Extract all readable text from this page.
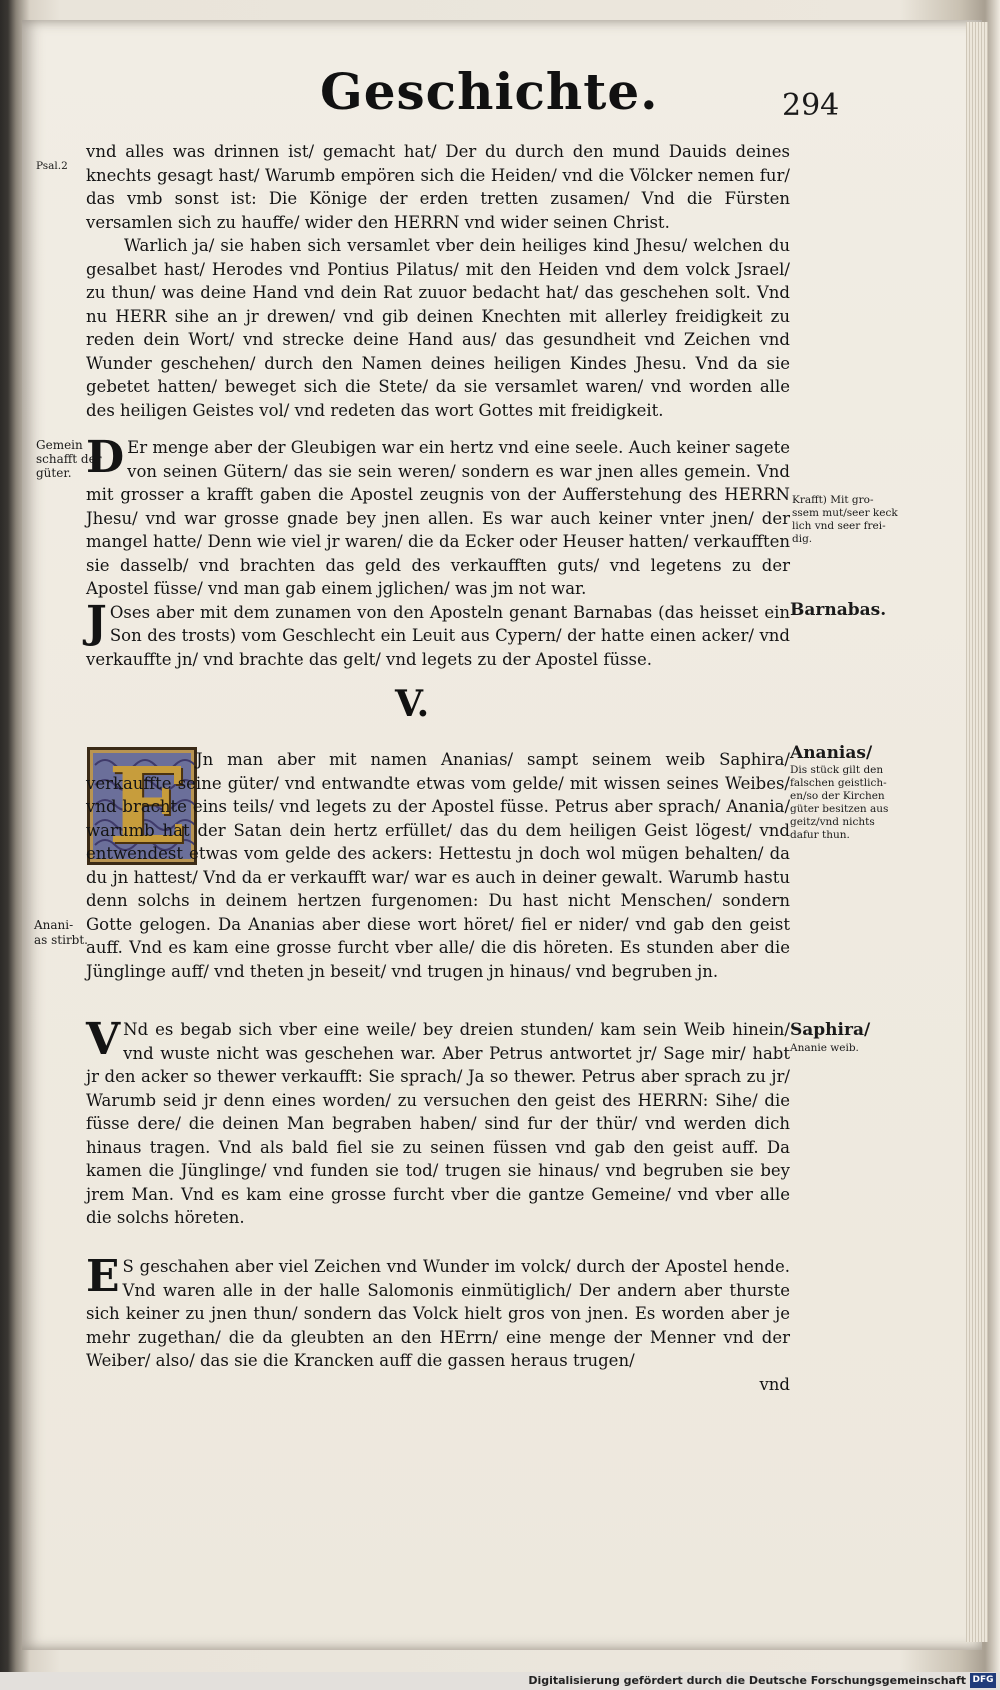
Geschichte.	294
Psal.2
Gemein
schafft der
güter.
Krafft) Mit gro-
ssem mut/seer keck
lich vnd seer frei-
dig.
Barnabas.
Ananias/
Dis stück gilt den
falschen geistlich-
en/so der Kirchen
güter besitzen aus
geitz/vnd nichts
dafur thun.
Anani-
as stirbt.
Saphira/
Ananie weib.

vnd alles was drinnen ist/ gemacht hat/ Der du durch den mund Dauids deines knechts gesagt hast/ Warumb empören sich die Heiden/ vnd die Völcker nemen fur/ das vmb sonst ist: Die Könige der erden tretten zusamen/ Vnd die Fürsten versamlen sich zu hauffe/ wider den HERRN vnd wider seinen Christ.

Warlich ja/ sie haben sich versamlet vber dein heiliges kind Jhesu/ welchen du gesalbet hast/ Herodes vnd Pontius Pilatus/ mit den Heiden vnd dem volck Jsrael/ zu thun/ was deine Hand vnd dein Rat zuuor bedacht hat/ das geschehen solt. Vnd nu HERR sihe an jr drewen/ vnd gib deinen Knechten mit allerley freidigkeit zu reden dein Wort/ vnd strecke deine Hand aus/ das gesundheit vnd Zeichen vnd Wunder geschehen/ durch den Namen deines heiligen Kindes Jhesu. Vnd da sie gebetet hatten/ beweget sich die Stete/ da sie versamlet waren/ vnd worden alle des heiligen Geistes vol/ vnd redeten das wort Gottes mit freidigkeit.

D Er menge aber der Gleubigen war ein hertz vnd eine seele. Auch keiner sagete von seinen Gütern/ das sie sein weren/ sondern es war jnen alles gemein. Vnd mit grosser a krafft gaben die Apostel zeugnis von der Aufferstehung des HERRN Jhesu/ vnd war grosse gnade bey jnen allen. Es war auch keiner vnter jnen/ der mangel hatte/ Denn wie viel jr waren/ die da Ecker oder Heuser hatten/ verkaufften sie dasselb/ vnd brachten das geld des verkaufften guts/ vnd legetens zu der Apostel füsse/ vnd man gab einem jglichen/ was jm not war.

J Oses aber mit dem zunamen von den Aposteln genant Barnabas (das heisset ein Son des trosts) vom Geschlecht ein Leuit aus Cypern/ der hatte einen acker/ vnd verkauffte jn/ vnd brachte das gelt/ vnd legets zu der Apostel füsse.

V.
E Jn man aber mit namen Ananias/ sampt seinem weib Saphira/ verkauffte seine güter/ vnd entwandte etwas vom gelde/ mit wissen seines Weibes/ vnd brachte eins teils/ vnd legets zu der Apostel füsse. Petrus aber sprach/ Anania/ warumb hat der Satan dein hertz erfüllet/ das du dem heiligen Geist lögest/ vnd entwendest etwas vom gelde des ackers: Hettestu jn doch wol mügen behalten/ da du jn hattest/ Vnd da er verkaufft war/ war es auch in deiner gewalt. Warumb hastu denn solchs in deinem hertzen furgenomen: Du hast nicht Menschen/ sondern Gotte gelogen. Da Ananias aber diese wort höret/ fiel er nider/ vnd gab den geist auff. Vnd es kam eine grosse furcht vber alle/ die dis höreten. Es stunden aber die Jünglinge auff/ vnd theten jn beseit/ vnd trugen jn hinaus/ vnd begruben jn.

V Nd es begab sich vber eine weile/ bey dreien stunden/ kam sein Weib hinein/ vnd wuste nicht was geschehen war. Aber Petrus antwortet jr/ Sage mir/ habt jr den acker so thewer verkaufft: Sie sprach/ Ja so thewer. Petrus aber sprach zu jr/ Warumb seid jr denn eines worden/ zu versuchen den geist des HERRN: Sihe/ die füsse dere/ die deinen Man begraben haben/ sind fur der thür/ vnd werden dich hinaus tragen. Vnd als bald fiel sie zu seinen füssen vnd gab den geist auff. Da kamen die Jünglinge/ vnd funden sie tod/ trugen sie hinaus/ vnd begruben sie bey jrem Man. Vnd es kam eine grosse furcht vber die gantze Gemeine/ vnd vber alle die solchs höreten.

E S geschahen aber viel Zeichen vnd Wunder im volck/ durch der Apostel hende. Vnd waren alle in der halle Salomonis einmütiglich/ Der andern aber thurste sich keiner zu jnen thun/ sondern das Volck hielt gros von jnen. Es worden aber je mehr zugethan/ die da gleubten an den HErrn/ eine menge der Menner vnd der Weiber/ also/ das sie die Krancken auff die gassen heraus trugen/

vnd

Digitalisierung gefördert durch die Deutsche Forschungsgemeinschaft DFG
